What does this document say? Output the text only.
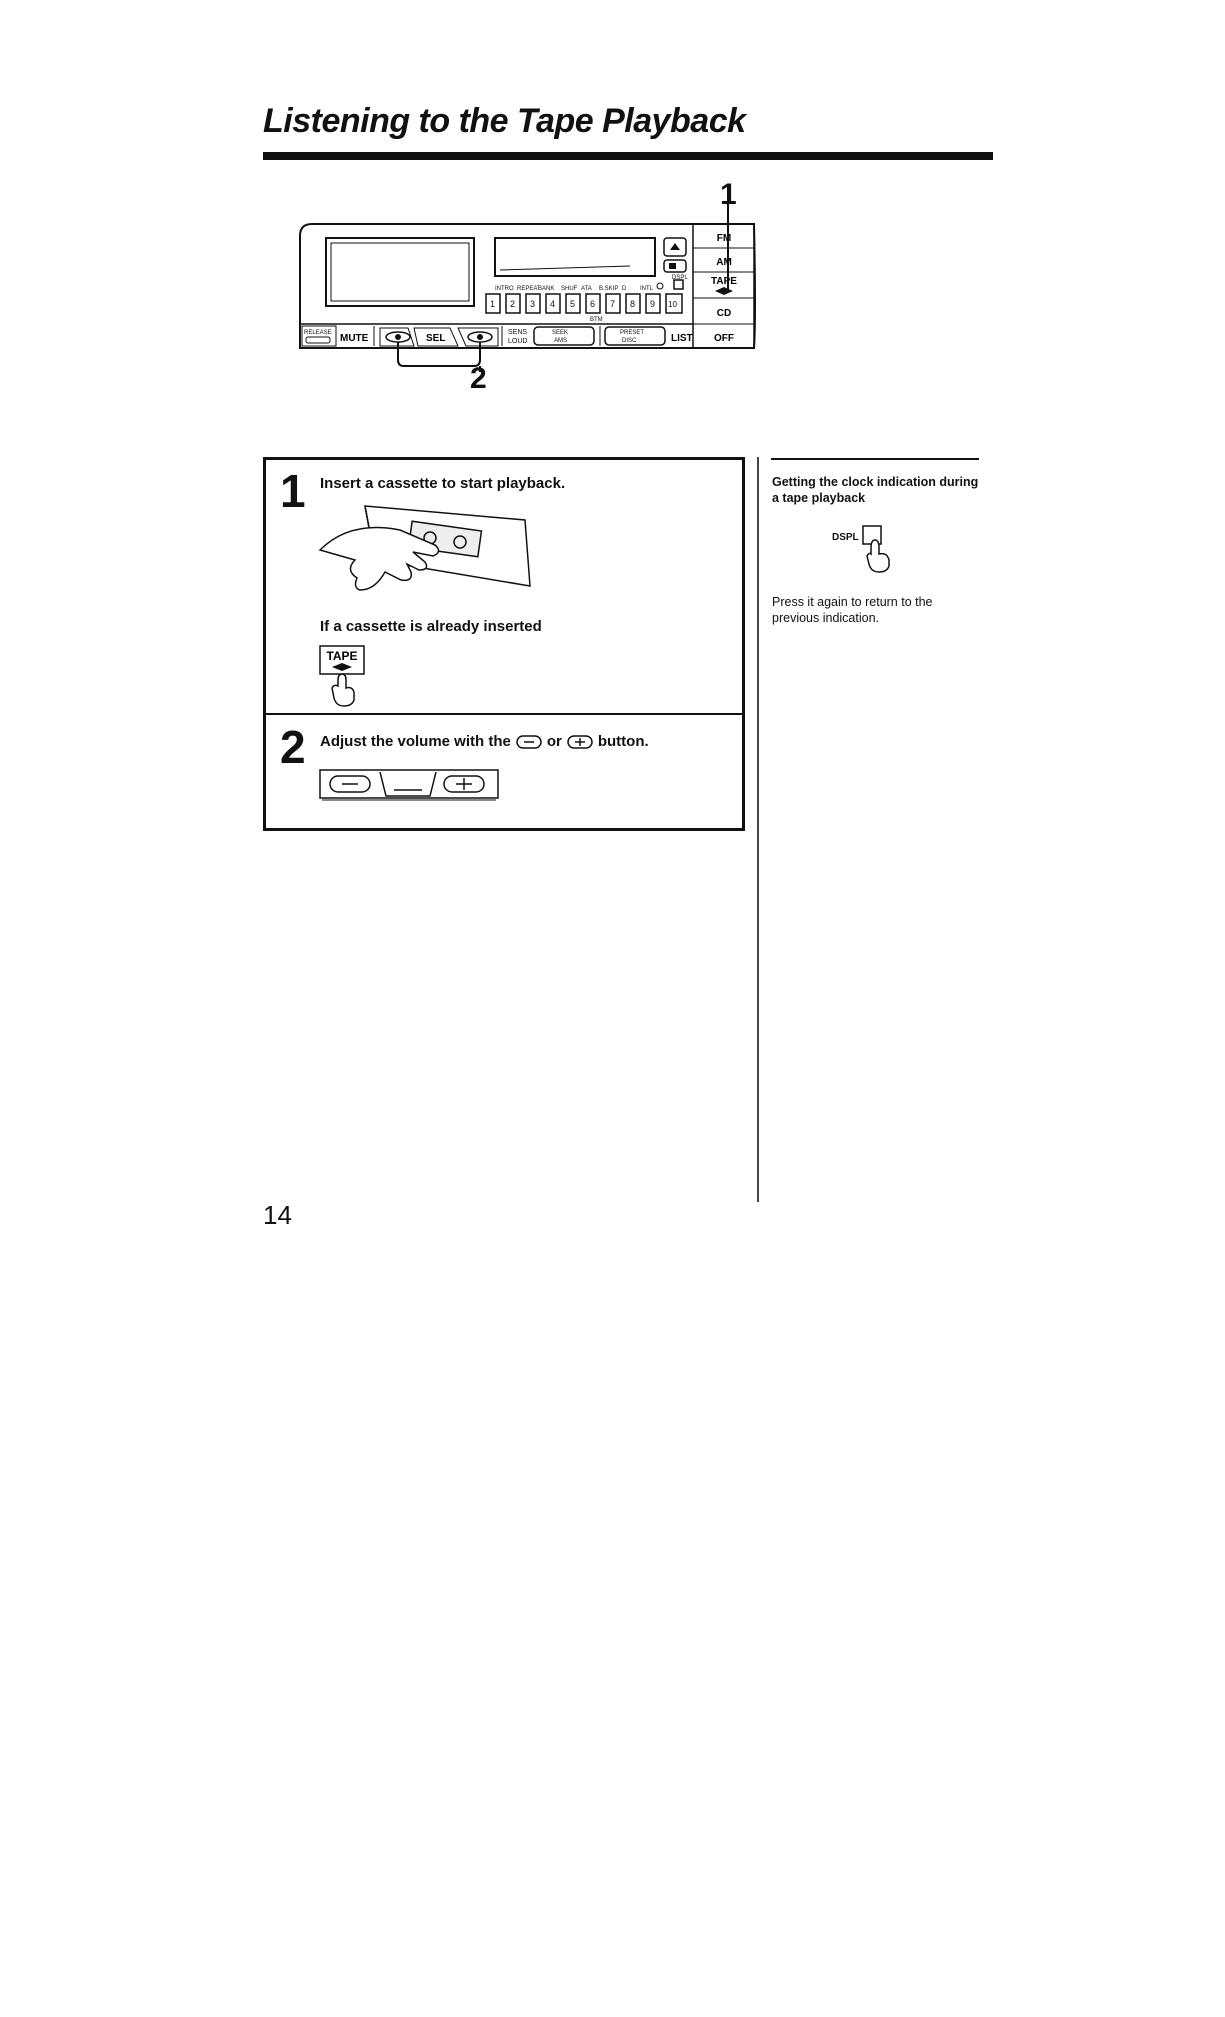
Listening to the Tape Playback
INTRO REPEAT
BANK SHUF ATA B.SKIP D INTL
DSPL
BTM
1 2 3 4 5 6 7 8 9 10
FM
AM
TAPE
CD
OFF
RELEASE MUTE	SEL
SENS
LOUD
SEEK
AMS
PRESET
DISC	LIST
1
2
1 Insert a cassette to start playback.
If a cassette is already inserted
TAPE
2 Adjust the volume with the or button.
Getting the clock indication during a tape playback
DSPL
Press it again to return to the previous indication.
14
